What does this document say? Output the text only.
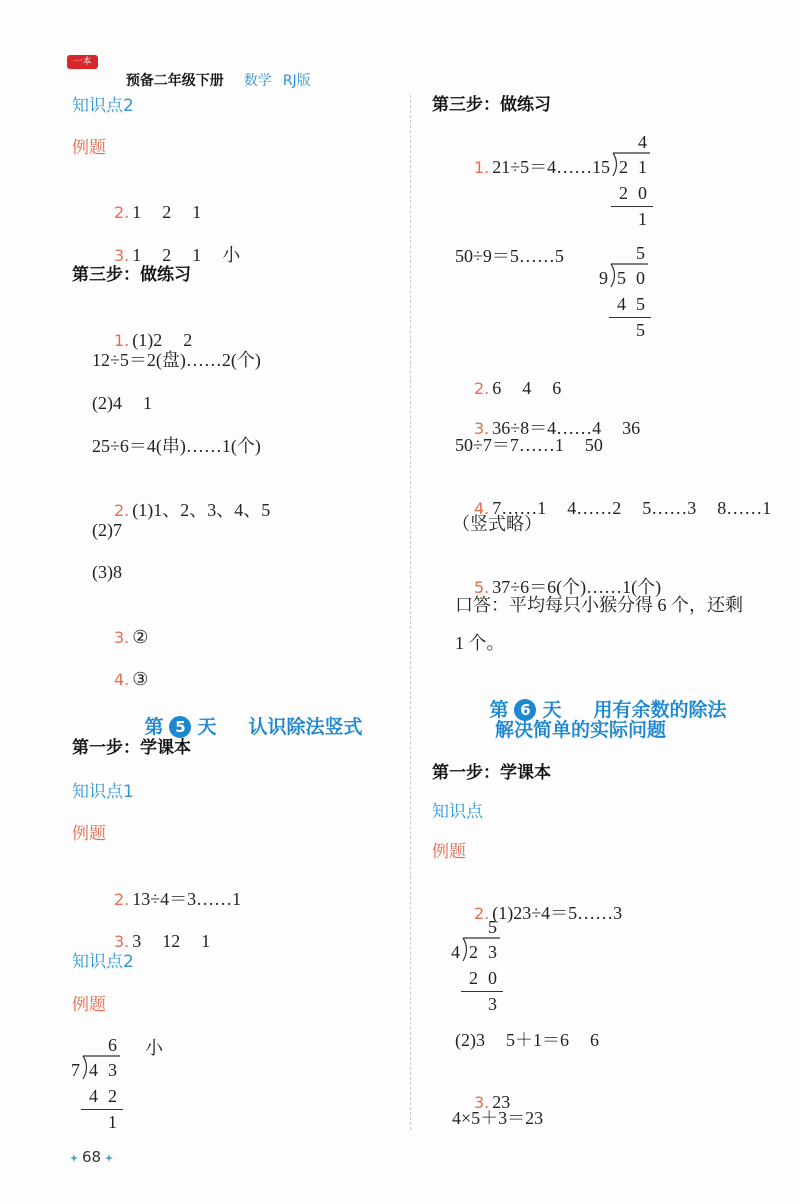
一本

预备二年级下册 数学 RJ版

知识点2
例题

2. 1  2  1

3. 1  2  1  小

第三步：做练习

1. (1)2  2

12÷5＝2(盘)……2(个)
(2)4  1
25÷6＝4(串)……1(个)

2. (1)1、2、3、4、5

(2)7
(3)8

3. ②

4. ③

第 5 天 认识除法竖式

第一步：学课本
知识点1
例题

2. 13÷4＝3……1

3. 3  12  1

知识点2
例题
6
7 43
42
1
小
第三步：做练习

1. 21÷5＝4……1

4
5 21
20
1
50÷9＝5……5	5
9 50
45
5

2. 6  4  6

3. 36÷8＝4……4  36

50÷7＝7……1  50

4. 7……1  4……2  5……3  8……1

（竖式略）

5. 37÷6＝6(个)……1(个)

口答：平均每只小猴分得 6 个，还剩
1 个。

第 6 天 用有余数的除法

解决简单的实际问题
第一步：学课本
知识点
例题

2. (1)23÷4＝5……3

5
4 23
20
3
(2)3  5＋1＝6  6

3. 23

4×5＋3＝23
68
